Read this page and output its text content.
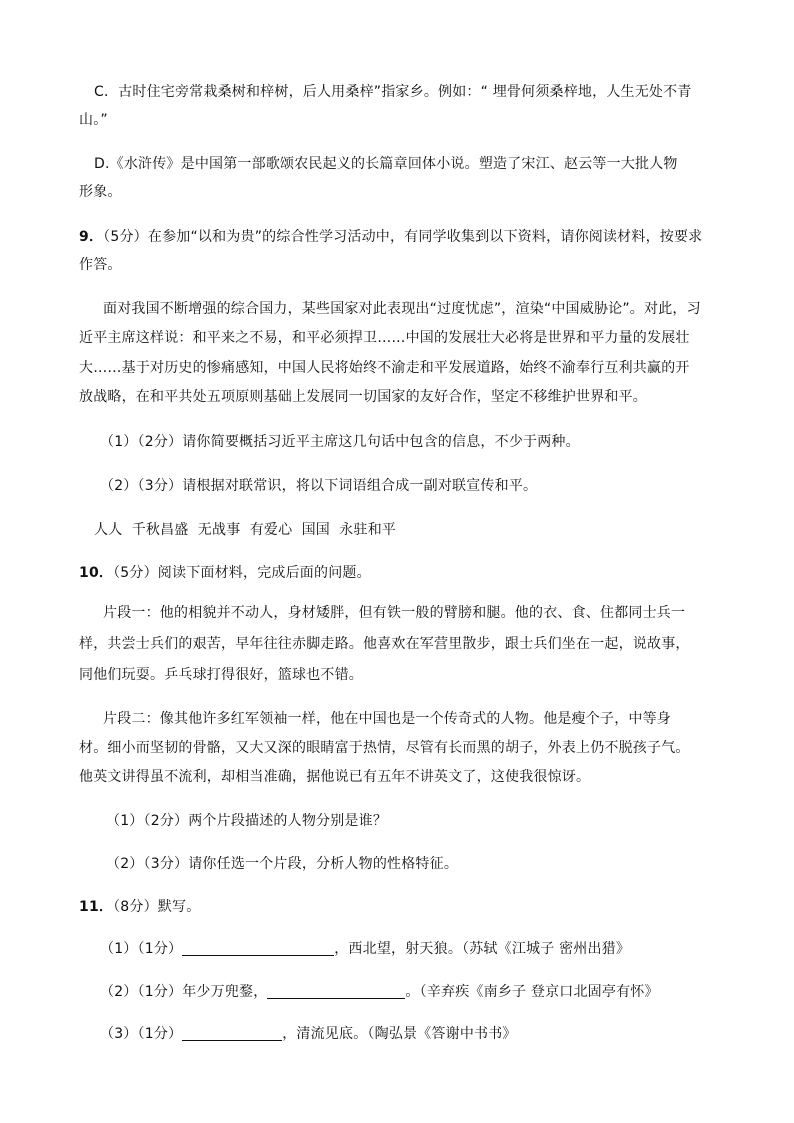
C．古时住宅旁常栽桑树和梓树，后人用桑梓”指家乡。例如：“ 埋骨何须桑梓地，人生无处不青
山。”
D.《水浒传》是中国第一部歌颂农民起义的长篇章回体小说。塑造了宋江、赵云等一大批人物
形象。
9．（5分）在参加“以和为贵”的综合性学习活动中，有同学收集到以下资料，请你阅读材料，按要求
作答。
面对我国不断增强的综合国力，某些国家对此表现出“过度忧虑”，渲染“中国威胁论”。对此，习
近平主席这样说：和平来之不易，和平必须捍卫……中国的发展壮大必将是世界和平力量的发展壮
大……基于对历史的惨痛感知，中国人民将始终不渝走和平发展道路，始终不渝奉行互利共赢的开
放战略，在和平共处五项原则基础上发展同一切国家的友好合作，坚定不移维护世界和平。
（1）（2分）请你简要概括习近平主席这几句话中包含的信息，不少于两种。
（2）（3分）请根据对联常识，将以下词语组合成一副对联宣传和平。
人人  千秋昌盛  无战事  有爱心  国国  永驻和平
10．（5分）阅读下面材料，完成后面的问题。
片段一：他的相貌并不动人，身材矮胖，但有铁一般的臂膀和腿。他的衣、食、住都同士兵一
样，共尝士兵们的艰苦，早年往往赤脚走路。他喜欢在军营里散步，跟士兵们坐在一起，说故事，
同他们玩耍。乒乓球打得很好，篮球也不错。
片段二：像其他许多红军领袖一样，他在中国也是一个传奇式的人物。他是瘦个子，中等身
材。细小而坚韧的骨骼，又大又深的眼睛富于热情，尽管有长而黑的胡子，外表上仍不脱孩子气。
他英文讲得虽不流利，却相当准确，据他说已有五年不讲英文了，这使我很惊讶。
（1）（2分）两个片段描述的人物分别是谁？
（2）（3分）请你任选一个片段，分析人物的性格特征。
11．（8分）默写。
（1）（1分）	，西北望，射天狼。（苏轼《江城子 密州出猎》
（2）（1分）年少万兜鍪，	。（辛弃疾《南乡子 登京口北固亭有怀》
（3）（1分）	，清流见底。（陶弘景《答谢中书书》
